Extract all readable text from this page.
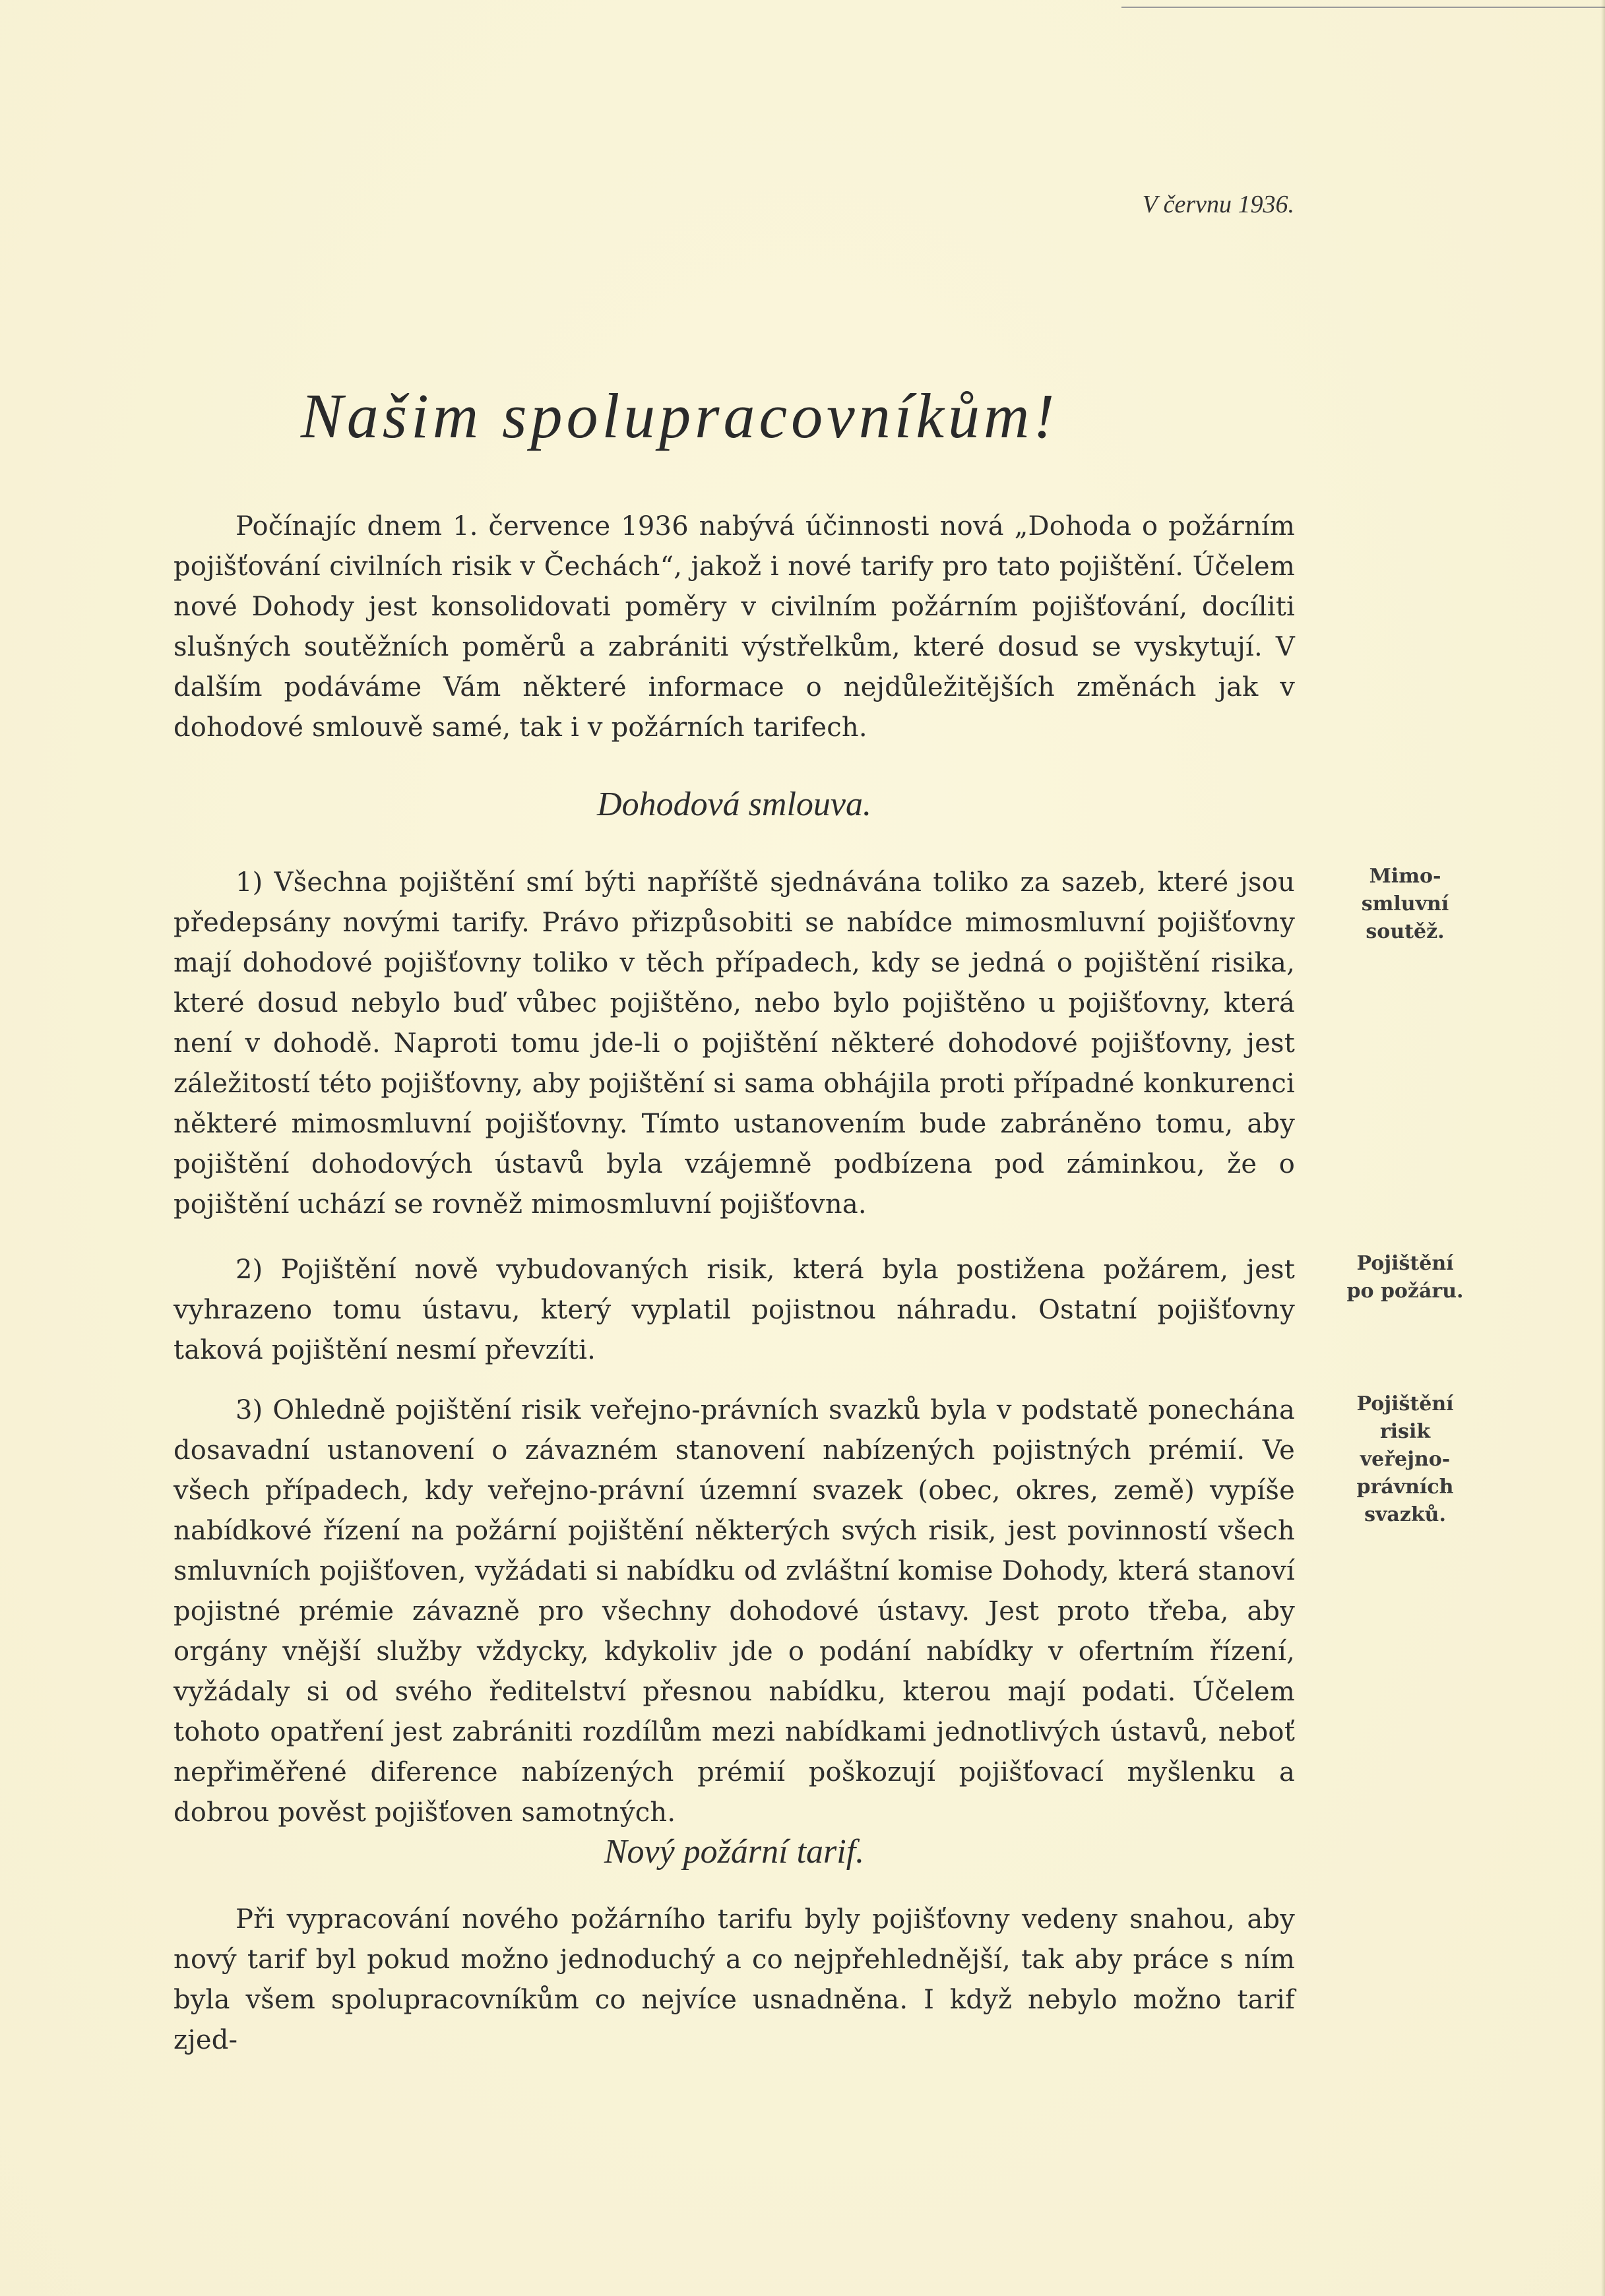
V červnu 1936.
Našim spolupracovníkům!
Počínajíc dnem 1. července 1936 nabývá účinnosti nová „Dohoda o požárním pojišťování civilních risik v Čechách“, jakož i nové tarify pro tato pojištění. Účelem nové Dohody jest konsolidovati poměry v civilním požárním pojišťování, docíliti slušných soutěžních poměrů a zabrániti výstřelkům, které dosud se vyskytují. V dalším podáváme Vám některé informace o nejdůležitějších změnách jak v dohodové smlouvě samé, tak i v požárních tarifech.
Dohodová smlouva.
1) Všechna pojištění smí býti napříště sjednávána toliko za sazeb, které jsou předepsány novými tarify. Právo přizpůsobiti se nabídce mimosmluvní pojišťovny mají dohodové pojišťovny toliko v těch případech, kdy se jedná o pojištění risika, které dosud nebylo buď vůbec pojištěno, nebo bylo pojištěno u pojišťovny, která není v dohodě. Naproti tomu jde-li o pojištění některé dohodové pojišťovny, jest záležitostí této pojišťovny, aby pojištění si sama obhájila proti případné konkurenci některé mimosmluvní pojišťovny. Tímto ustanovením bude zabráněno tomu, aby pojištění dohodových ústavů byla vzájemně podbízena pod záminkou, že o pojištění uchází se rovněž mimosmluvní pojišťovna.
Mimo-
smluvní
soutěž.
2) Pojištění nově vybudovaných risik, která byla postižena požárem, jest vyhrazeno tomu ústavu, který vyplatil pojistnou náhradu. Ostatní pojišťovny taková pojištění nesmí převzíti.
Pojištění
po požáru.
3) Ohledně pojištění risik veřejno-právních svazků byla v podstatě ponechána dosavadní ustanovení o závazném stanovení nabízených pojistných prémií. Ve všech případech, kdy veřejno-právní územní svazek (obec, okres, země) vypíše nabídkové řízení na požární pojištění některých svých risik, jest povinností všech smluvních pojišťoven, vyžádati si nabídku od zvláštní komise Dohody, která stanoví pojistné prémie závazně pro všechny dohodové ústavy. Jest proto třeba, aby orgány vnější služby vždycky, kdykoliv jde o podání nabídky v ofertním řízení, vyžádaly si od svého ředitelství přesnou nabídku, kterou mají podati. Účelem tohoto opatření jest zabrániti rozdílům mezi nabídkami jednotlivých ústavů, neboť nepřiměřené diference nabízených prémií poškozují pojišťovací myšlenku a dobrou pověst pojišťoven samotných.
Pojištění
risik
veřejno-
právních
svazků.
Nový požární tarif.
Při vypracování nového požárního tarifu byly pojišťovny vedeny snahou, aby nový tarif byl pokud možno jednoduchý a co nejpřehlednější, tak aby práce s ním byla všem spolupracovníkům co nejvíce usnadněna. I když nebylo možno tarif zjed-
